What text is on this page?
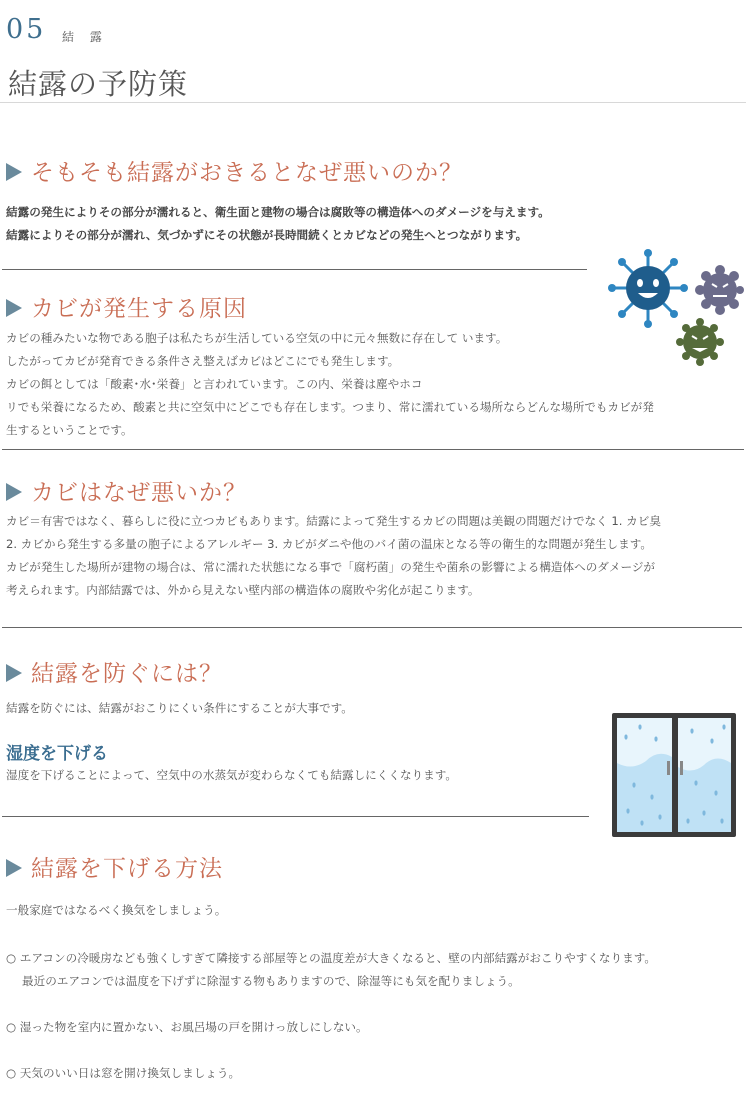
05 結 露
結露の予防策
そもそも結露がおきるとなぜ悪いのか？
結露の発生によりその部分が濡れると、衛生面と建物の場合は腐敗等の構造体へのダメージを与えます。
結露によりその部分が濡れ、気づかずにその状態が長時間続くとカビなどの発生へとつながります。
カビが発生する原因
カビの種みたいな物である胞子は私たちが生活している空気の中に元々無数に存在して います。
したがってカビが発育できる条件さえ整えばカビはどこにでも発生します。
カビの餌としては「酸素･水･栄養」と言われています。この内、栄養は塵やホコ
リでも栄養になるため、酸素と共に空気中にどこでも存在します。つまり、常に濡れている場所ならどんな場所でもカビが発
生するということです。
カビはなぜ悪いか？
カビ＝有害ではなく、暮らしに役に立つカビもあります。結露によって発生するカビの問題は美観の問題だけでなく 1. カビ臭
2. カビから発生する多量の胞子によるアレルギー 3. カビがダニや他のバイ菌の温床となる等の衛生的な問題が発生します。
カビが発生した場所が建物の場合は、常に濡れた状態になる事で「腐朽菌」の発生や菌糸の影響による構造体へのダメージが
考えられます。内部結露では、外から見えない壁内部の構造体の腐敗や劣化が起こります。
結露を防ぐには？
結露を防ぐには、結露がおこりにくい条件にすることが大事です。
湿度を下げる
湿度を下げることによって、空気中の水蒸気が変わらなくても結露しにくくなります。
結露を下げる方法
一般家庭ではなるべく換気をしましょう。
○ エアコンの冷暖房なども強くしすぎて隣接する部屋等との温度差が大きくなると、壁の内部結露がおこりやすくなります。
最近のエアコンでは温度を下げずに除湿する物もありますので、除湿等にも気を配りましょう。
○ 湿った物を室内に置かない、お風呂場の戸を開けっ放しにしない。
○ 天気のいい日は窓を開け換気しましょう。
